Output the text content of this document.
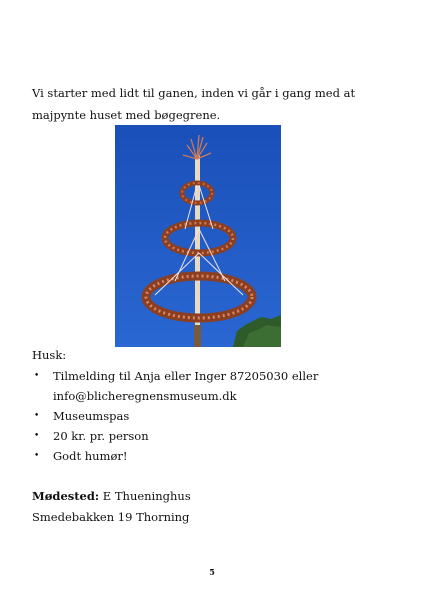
Vi starter med lidt til ganen, inden vi går i gang med at
majpynte huset med bøgegrene.
Husk:
• Tilmelding til Anja eller Inger 87205030 eller
info@blicheregnensmuseum.dk
• Museumspas
• 20 kr. pr. person
• Godt humør!
Mødested: E Thueninghus
Smedebakken 19 Thorning
5
